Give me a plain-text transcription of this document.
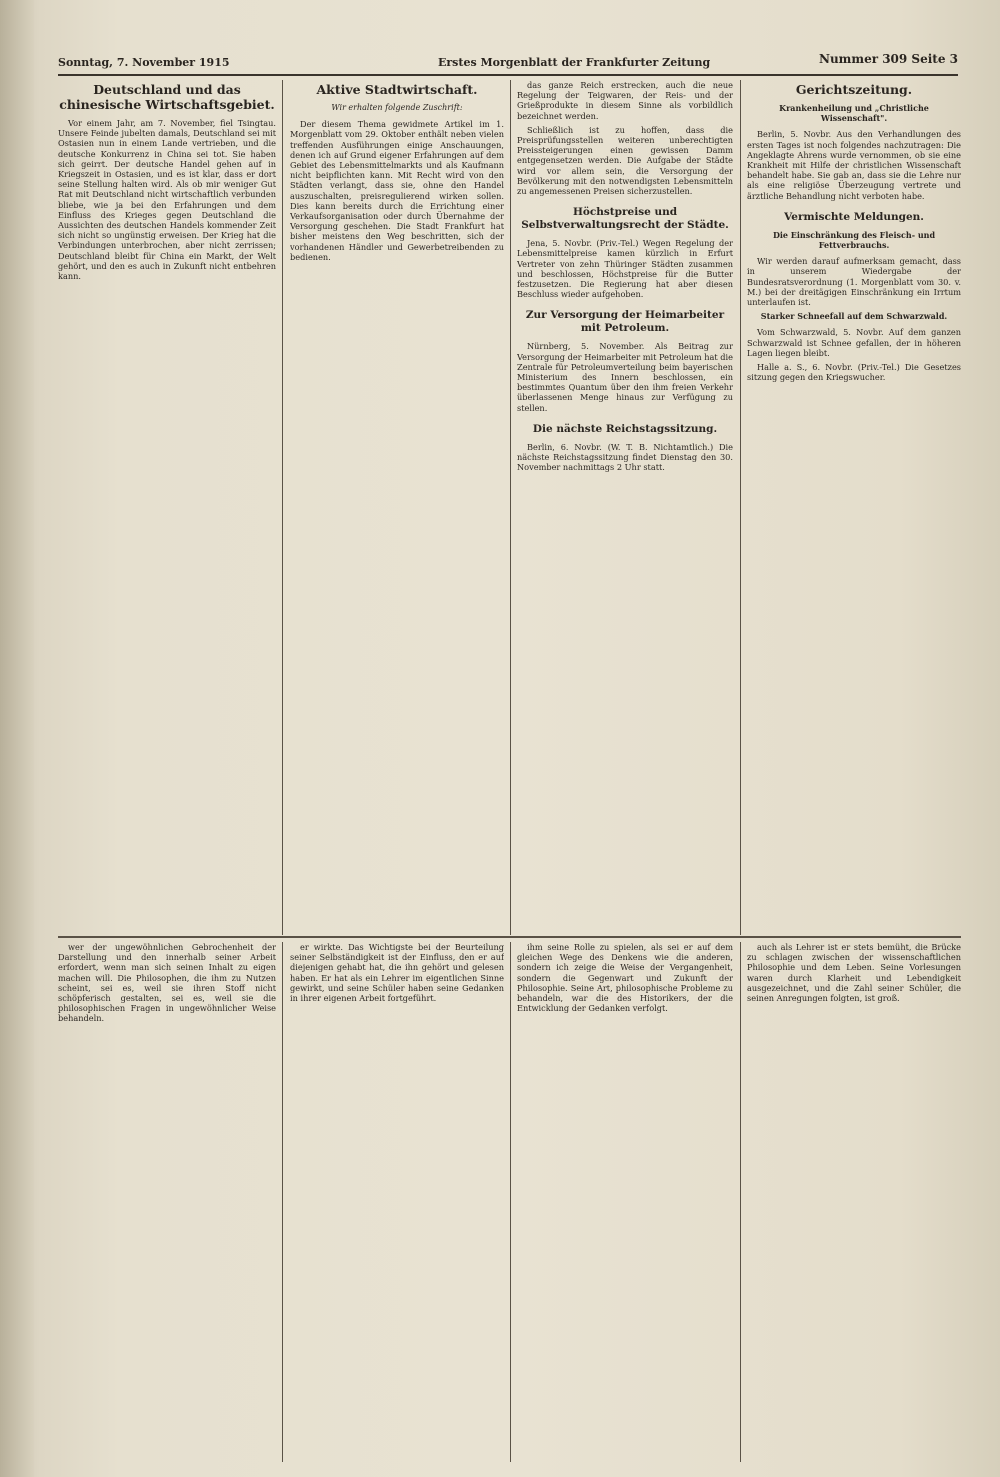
Sonntag, 7. November 1915	Erstes Morgenblatt der Frankfurter Zeitung	Nummer 309 Seite 3
Deutschland und das chinesische Wirtschaftsgebiet.

Vor einem Jahr, am 7. November, fiel Tsingtau. Unsere Feinde jubelten damals, Deutschland sei mit Ostasien nun in einem Lande vertrieben, und die deutsche Konkurrenz in China sei tot. Sie haben sich geirrt. Der deutsche Handel gehen auf in Kriegszeit in Ostasien, und es ist klar, dass er dort seine Stellung halten wird. Als ob mir weniger Gut Rat mit Deutschland nicht wirtschaftlich verbunden bliebe, wie ja bei den Erfahrungen und dem Einfluss des Krieges gegen Deutschland die Aussichten des deutschen Handels kommender Zeit sich nicht so ungünstig erweisen. Der Krieg hat die Verbindungen unterbrochen, aber nicht zerrissen; Deutschland bleibt für China ein Markt, der Welt gehört, und den es auch in Zukunft nicht entbehren kann.

Aktive Stadtwirtschaft.
Wir erhalten folgende Zuschrift:

Der diesem Thema gewidmete Artikel im 1. Morgenblatt vom 29. Oktober enthält neben vielen treffenden Ausführungen einige Anschauungen, denen ich auf Grund eigener Erfahrungen auf dem Gebiet des Lebensmittelmarkts und als Kaufmann nicht beipflichten kann. Mit Recht wird von den Städten verlangt, dass sie, ohne den Handel auszuschalten, preisregulierend wirken sollen. Dies kann bereits durch die Errichtung einer Verkaufsorganisation oder durch Übernahme der Versorgung geschehen. Die Stadt Frankfurt hat bisher meistens den Weg beschritten, sich der vorhandenen Händler und Gewerbetreibenden zu bedienen.

das ganze Reich erstrecken, auch die neue Regelung der Teigwaren, der Reis- und der Grießprodukte in diesem Sinne als vorbildlich bezeichnet werden.

Schließlich ist zu hoffen, dass die Preisprüfungsstellen weiteren unberechtigten Preissteigerungen einen gewissen Damm entgegensetzen werden. Die Aufgabe der Städte wird vor allem sein, die Versorgung der Bevölkerung mit den notwendigsten Lebensmitteln zu angemessenen Preisen sicherzustellen.

Höchstpreise und Selbstverwaltungsrecht der Städte.

Jena, 5. Novbr. (Priv.-Tel.) Wegen Regelung der Lebensmittelpreise kamen kürzlich in Erfurt Vertreter von zehn Thüringer Städten zusammen und beschlossen, Höchstpreise für die Butter festzusetzen. Die Regierung hat aber diesen Beschluss wieder aufgehoben.

Zur Versorgung der Heimarbeiter mit Petroleum.

Nürnberg, 5. November. Als Beitrag zur Versorgung der Heimarbeiter mit Petroleum hat die Zentrale für Petroleumverteilung beim bayerischen Ministerium des Innern beschlossen, ein bestimmtes Quantum über den ihm freien Verkehr überlassenen Menge hinaus zur Verfügung zu stellen.

Die nächste Reichstagssitzung.

Berlin, 6. Novbr. (W. T. B. Nichtamtlich.) Die nächste Reichstagssitzung findet Dienstag den 30. November nachmittags 2 Uhr statt.

Gerichtszeitung.
Krankenheilung und „Christliche Wissenschaft".

Berlin, 5. Novbr. Aus den Verhandlungen des ersten Tages ist noch folgendes nachzutragen: Die Angeklagte Ahrens wurde vernommen, ob sie eine Krankheit mit Hilfe der christlichen Wissenschaft behandelt habe. Sie gab an, dass sie die Lehre nur als eine religiöse Überzeugung vertrete und ärztliche Behandlung nicht verboten habe.

Vermischte Meldungen.
Die Einschränkung des Fleisch- und Fettverbrauchs.

Wir werden darauf aufmerksam gemacht, dass in unserem Wiedergabe der Bundesratsverordnung (1. Morgenblatt vom 30. v. M.) bei der dreitägigen Einschränkung ein Irrtum unterlaufen ist.

Starker Schneefall auf dem Schwarzwald.

Vom Schwarzwald, 5. Novbr. Auf dem ganzen Schwarzwald ist Schnee gefallen, der in höheren Lagen liegen bleibt.

Halle a. S., 6. Novbr. (Priv.-Tel.) Die Gesetzes sitzung gegen den Kriegswucher.

wer der ungewöhnlichen Gebrochenheit der Darstellung und den innerhalb seiner Arbeit erfordert, wenn man sich seinen Inhalt zu eigen machen will. Die Philosophen, die ihm zu Nutzen scheint, sei es, weil sie ihren Stoff nicht schöpferisch gestalten, sei es, weil sie die philosophischen Fragen in ungewöhnlicher Weise behandeln.

er wirkte. Das Wichtigste bei der Beurteilung seiner Selbständigkeit ist der Einfluss, den er auf diejenigen gehabt hat, die ihn gehört und gelesen haben. Er hat als ein Lehrer im eigentlichen Sinne gewirkt, und seine Schüler haben seine Gedanken in ihrer eigenen Arbeit fortgeführt.

ihm seine Rolle zu spielen, als sei er auf dem gleichen Wege des Denkens wie die anderen, sondern ich zeige die Weise der Vergangenheit, sondern die Gegenwart und Zukunft der Philosophie. Seine Art, philosophische Probleme zu behandeln, war die des Historikers, der die Entwicklung der Gedanken verfolgt.

auch als Lehrer ist er stets bemüht, die Brücke zu schlagen zwischen der wissenschaftlichen Philosophie und dem Leben. Seine Vorlesungen waren durch Klarheit und Lebendigkeit ausgezeichnet, und die Zahl seiner Schüler, die seinen Anregungen folgten, ist groß.
